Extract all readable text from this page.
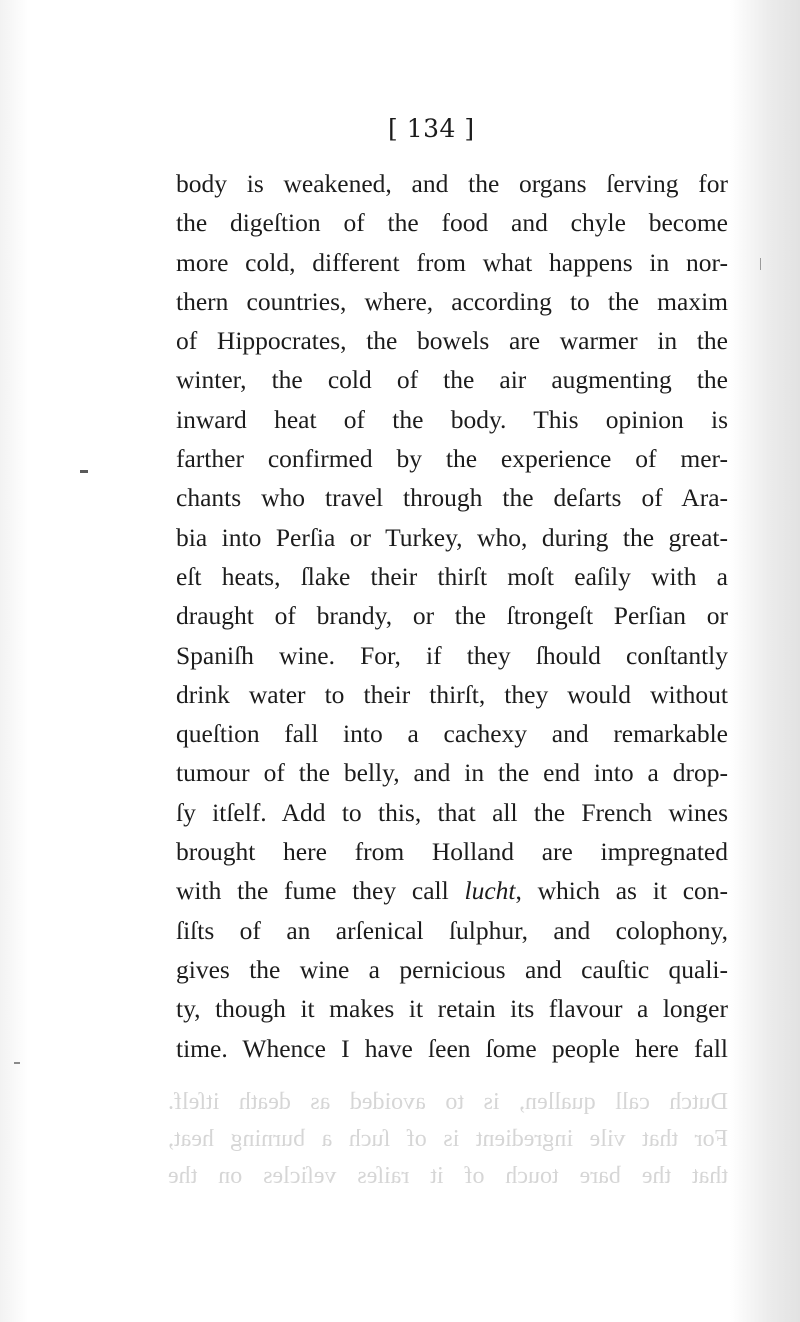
[ 134 ]
body is weakened, and the organs ſerving for
the digeſtion of the food and chyle become
more cold, different from what happens in nor-
thern countries, where, according to the maxim
of Hippocrates, the bowels are warmer in the
winter, the cold of the air augmenting the
inward heat of the body. This opinion is
farther confirmed by the experience of mer-
chants who travel through the deſarts of Ara-
bia into Perſia or Turkey, who, during the great-
eſt heats, ſlake their thirſt moſt eaſily with a
draught of brandy, or the ſtrongeſt Perſian or
Spaniſh wine. For, if they ſhould conſtantly
drink water to their thirſt, they would without
queſtion fall into a cachexy and remarkable
tumour of the belly, and in the end into a drop-
ſy itſelf. Add to this, that all the French wines
brought here from Holland are impregnated
with the fume they call lucht, which as it con-
ſiſts of an arſenical ſulphur, and colophony,
gives the wine a pernicious and cauſtic quali-
ty, though it makes it retain its flavour a longer
time. Whence I have ſeen ſome people here fall
Dutch call quallen, is to avoided as death itſelf.
For that vile ingredient is of ſuch a burning heat,
that the bare touch of it raiſes veſicles on the
